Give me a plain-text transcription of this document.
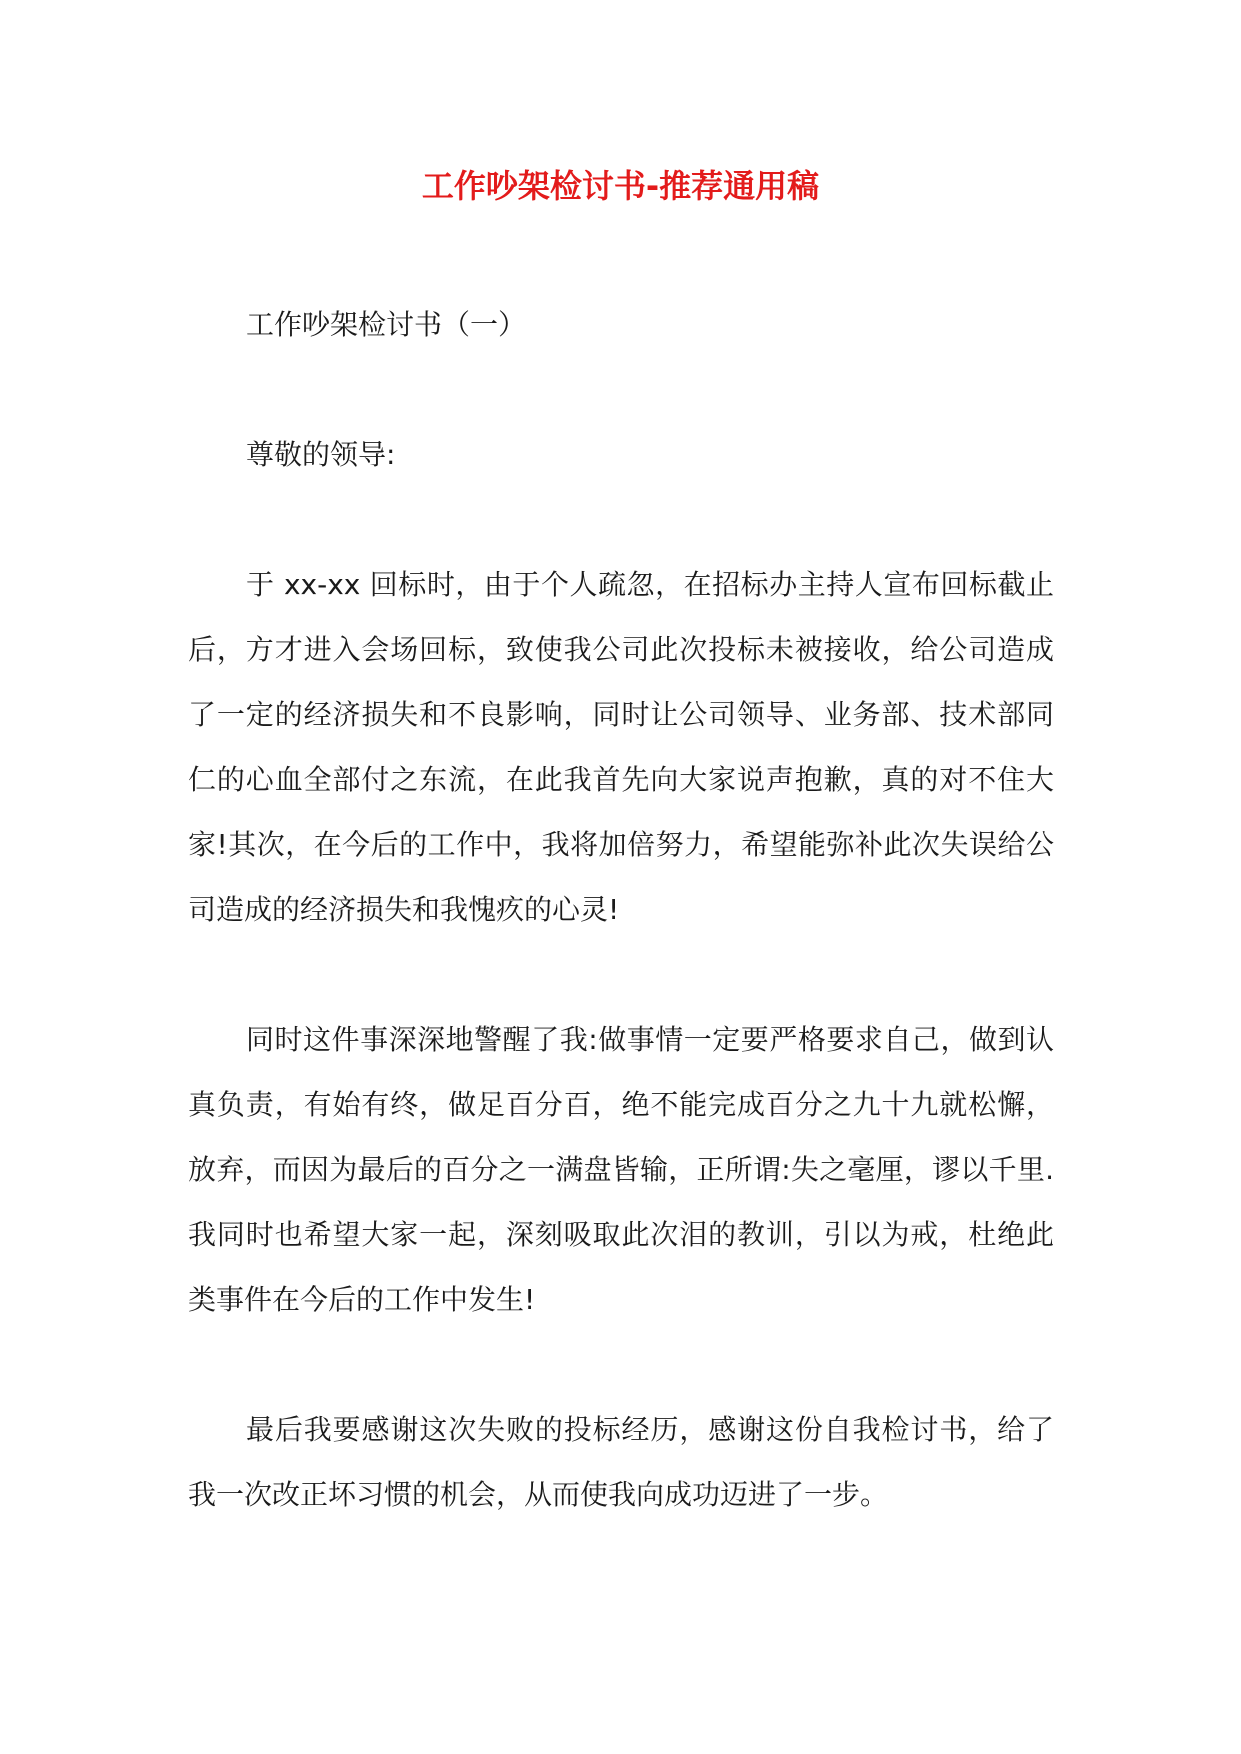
工作吵架检讨书-推荐通用稿

工作吵架检讨书（一）

尊敬的领导:

于 xx-xx 回标时，由于个人疏忽，在招标办主持人宣布回标截止后，方才进入会场回标，致使我公司此次投标未被接收，给公司造成了一定的经济损失和不良影响，同时让公司领导、业务部、技术部同仁的心血全部付之东流，在此我首先向大家说声抱歉，真的对不住大家!其次，在今后的工作中，我将加倍努力，希望能弥补此次失误给公司造成的经济损失和我愧疚的心灵!

同时这件事深深地警醒了我:做事情一定要严格要求自己，做到认真负责，有始有终，做足百分百，绝不能完成百分之九十九就松懈，放弃，而因为最后的百分之一满盘皆输，正所谓:失之毫厘，谬以千里.我同时也希望大家一起，深刻吸取此次泪的教训，引以为戒，杜绝此类事件在今后的工作中发生!

最后我要感谢这次失败的投标经历，感谢这份自我检讨书，给了我一次改正坏习惯的机会，从而使我向成功迈进了一步。
